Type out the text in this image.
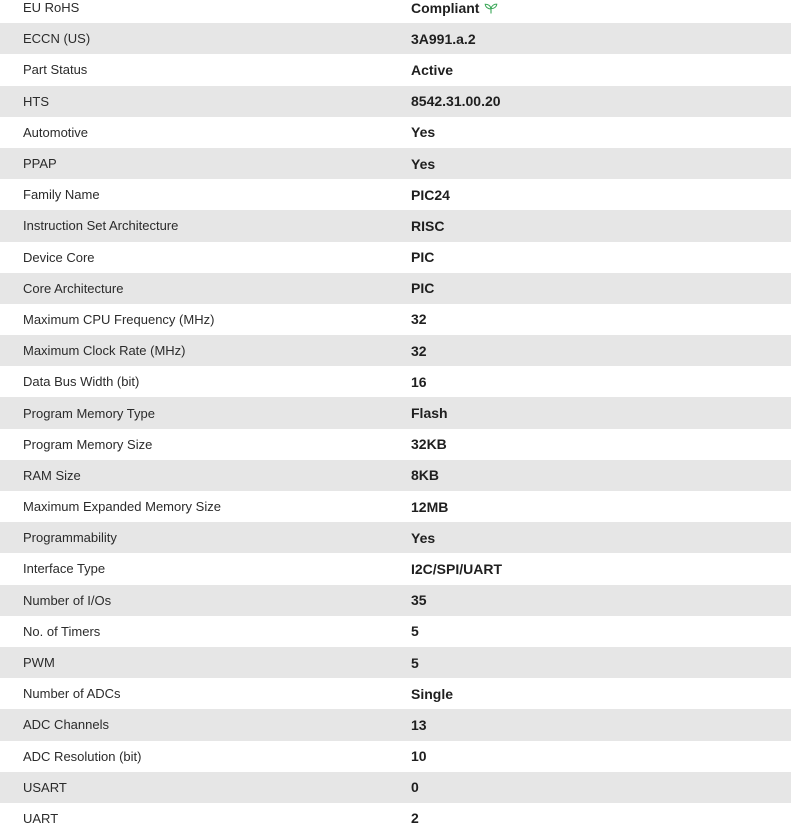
EU RoHS	Compliant
ECCN (US)	3A991.a.2
Part Status	Active
HTS	8542.31.00.20
Automotive	Yes
PPAP	Yes
Family Name	PIC24
Instruction Set Architecture	RISC
Device Core	PIC
Core Architecture	PIC
Maximum CPU Frequency (MHz)	32
Maximum Clock Rate (MHz)	32
Data Bus Width (bit)	16
Program Memory Type	Flash
Program Memory Size	32KB
RAM Size	8KB
Maximum Expanded Memory Size	12MB
Programmability	Yes
Interface Type	I2C/SPI/UART
Number of I/Os	35
No. of Timers	5
PWM	5
Number of ADCs	Single
ADC Channels	13
ADC Resolution (bit)	10
USART	0
UART	2
